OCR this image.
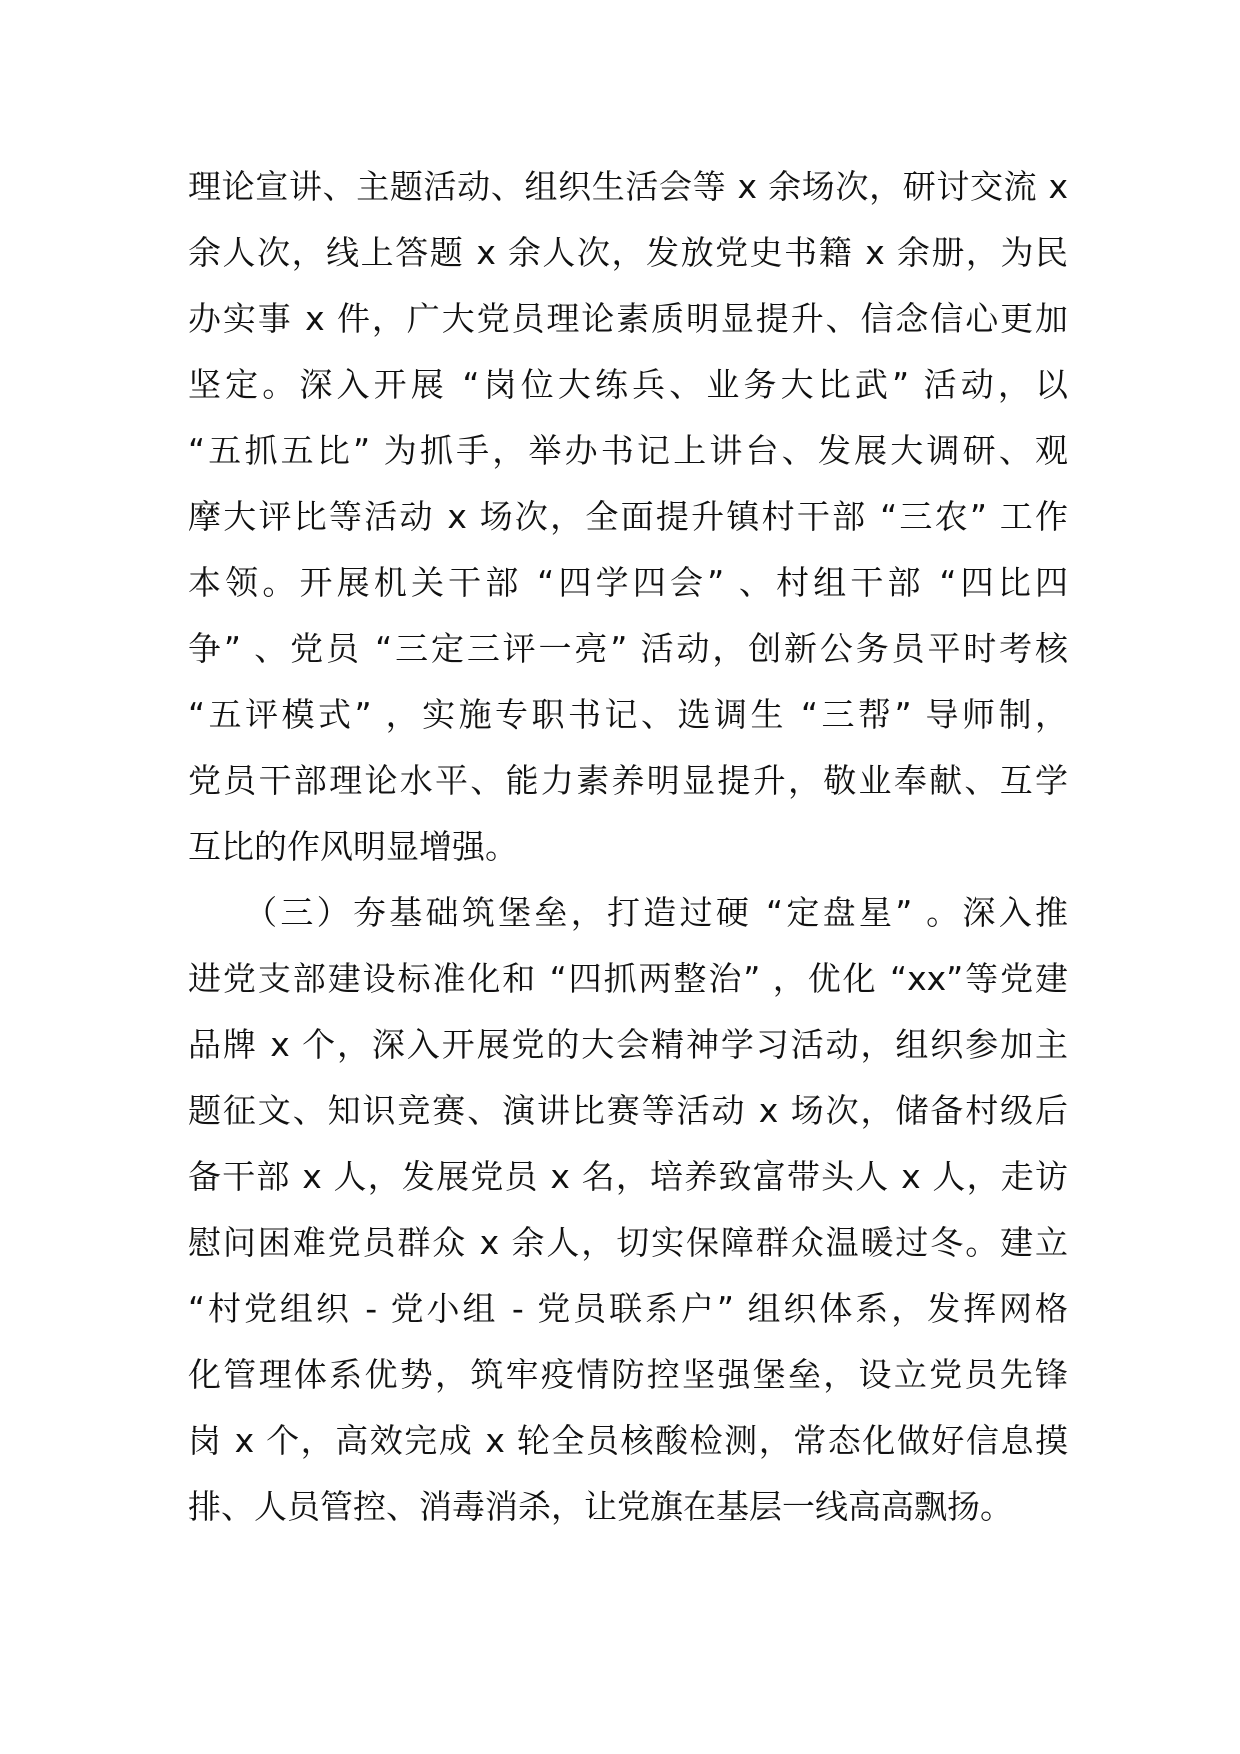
理论宣讲、主题活动、组织生活会等 x 余场次，研讨交流 x
余人次，线上答题 x 余人次，发放党史书籍 x 余册，为民
办实事 x 件，广大党员理论素质明显提升、信念信心更加
坚定。深入开展 “岗位大练兵、业务大比武” 活动，以
“五抓五比” 为抓手，举办书记上讲台、发展大调研、观
摩大评比等活动 x 场次，全面提升镇村干部 “三农” 工作
本领。开展机关干部 “四学四会” 、村组干部 “四比四
争” 、党员 “三定三评一亮” 活动，创新公务员平时考核
“五评模式” ，实施专职书记、选调生 “三帮” 导师制，
党员干部理论水平、能力素养明显提升，敬业奉献、互学
互比的作风明显增强。
　　（三）夯基础筑堡垒，打造过硬 “定盘星” 。深入推
进党支部建设标准化和 “四抓两整治” ，优化 “xx”等党建
品牌 x 个，深入开展党的大会精神学习活动，组织参加主
题征文、知识竞赛、演讲比赛等活动 x 场次，储备村级后
备干部 x 人，发展党员 x 名，培养致富带头人 x 人，走访
慰问困难党员群众 x 余人，切实保障群众温暖过冬。建立
“村党组织 - 党小组 - 党员联系户” 组织体系，发挥网格
化管理体系优势，筑牢疫情防控坚强堡垒，设立党员先锋
岗 x 个，高效完成 x 轮全员核酸检测，常态化做好信息摸
排、人员管控、消毒消杀，让党旗在基层一线高高飘扬。
